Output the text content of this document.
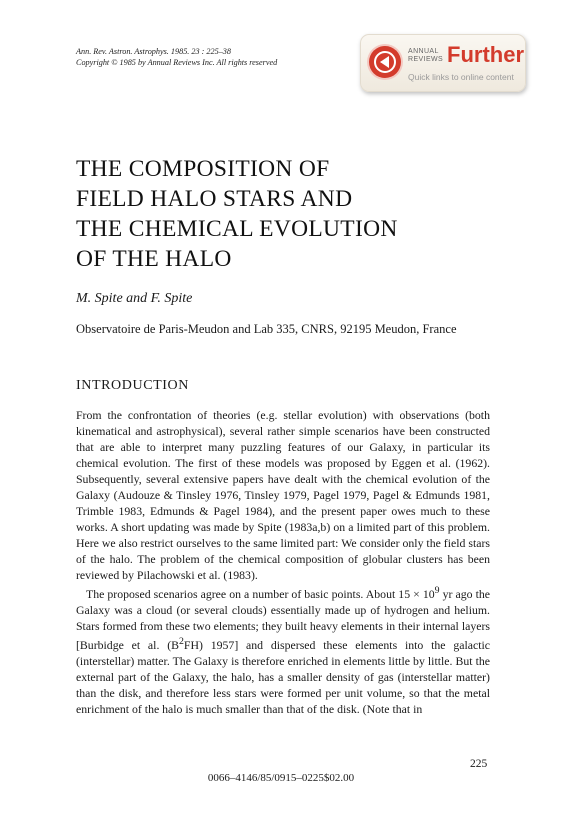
Ann. Rev. Astron. Astrophys. 1985. 23 : 225–38
Copyright © 1985 by Annual Reviews Inc. All rights reserved
ANNUAL
REVIEWS Further
Quick links to online content
THE COMPOSITION OF
FIELD HALO STARS AND
THE CHEMICAL EVOLUTION
OF THE HALO
M. Spite and F. Spite
Observatoire de Paris-Meudon and Lab 335, CNRS, 92195 Meudon, France
INTRODUCTION

From the confrontation of theories (e.g. stellar evolution) with observations (both kinematical and astrophysical), several rather simple scenarios have been constructed that are able to interpret many puzzling features of our Galaxy, in particular its chemical evolution. The first of these models was proposed by Eggen et al. (1962). Subsequently, several extensive papers have dealt with the chemical evolution of the Galaxy (Audouze & Tinsley 1976, Tinsley 1979, Pagel 1979, Pagel & Edmunds 1981, Trimble 1983, Edmunds & Pagel 1984), and the present paper owes much to these works. A short updating was made by Spite (1983a,b) on a limited part of this problem. Here we also restrict ourselves to the same limited part: We consider only the field stars of the halo. The problem of the chemical composition of globular clusters has been reviewed by Pilachowski et al. (1983).

The proposed scenarios agree on a number of basic points. About $15 \times 10^9$ yr ago the Galaxy was a cloud (or several clouds) essentially made up of hydrogen and helium. Stars formed from these two elements; they built heavy elements in their internal layers [Burbidge et al. $(B^2FH)$ 1957] and dispersed these elements into the galactic (interstellar) matter. The Galaxy is therefore enriched in elements little by little. But the external part of the Galaxy, the halo, has a smaller density of gas (interstellar matter) than the disk, and therefore less stars were formed per unit volume, so that the metal enrichment of the halo is much smaller than that of the disk. (Note that in

225
0066–4146/85/0915–0225$02.00
